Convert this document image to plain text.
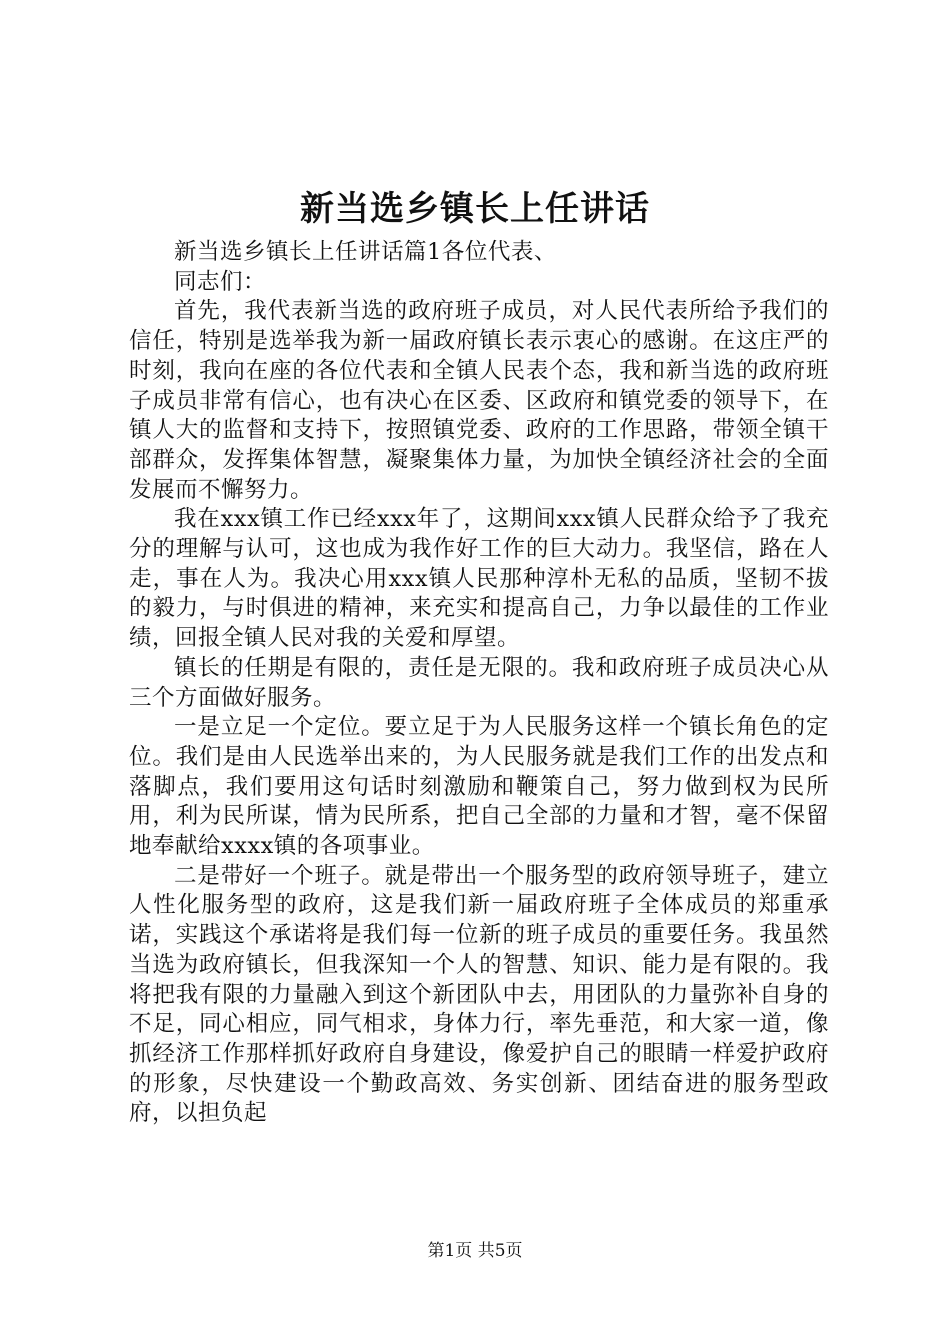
新当选乡镇长上任讲话

新当选乡镇长上任讲话篇1各位代表、

同志们：

首先，我代表新当选的政府班子成员，对人民代表所给予我们的信任，特别是选举我为新一届政府镇长表示衷心的感谢。在这庄严的时刻，我向在座的各位代表和全镇人民表个态，我和新当选的政府班子成员非常有信心，也有决心在区委、区政府和镇党委的领导下，在镇人大的监督和支持下，按照镇党委、政府的工作思路，带领全镇干部群众，发挥集体智慧，凝聚集体力量，为加快全镇经济社会的全面发展而不懈努力。

我在xxx镇工作已经xxx年了，这期间xxx镇人民群众给予了我充分的理解与认可，这也成为我作好工作的巨大动力。我坚信，路在人走，事在人为。我决心用xxx镇人民那种淳朴无私的品质，坚韧不拔的毅力，与时俱进的精神，来充实和提高自己，力争以最佳的工作业绩，回报全镇人民对我的关爱和厚望。

镇长的任期是有限的，责任是无限的。我和政府班子成员决心从三个方面做好服务。

一是立足一个定位。要立足于为人民服务这样一个镇长角色的定位。我们是由人民选举出来的，为人民服务就是我们工作的出发点和落脚点，我们要用这句话时刻激励和鞭策自己，努力做到权为民所用，利为民所谋，情为民所系，把自己全部的力量和才智，毫不保留地奉献给xxxx镇的各项事业。

二是带好一个班子。就是带出一个服务型的政府领导班子，建立人性化服务型的政府，这是我们新一届政府班子全体成员的郑重承诺，实践这个承诺将是我们每一位新的班子成员的重要任务。我虽然当选为政府镇长，但我深知一个人的智慧、知识、能力是有限的。我将把我有限的力量融入到这个新团队中去，用团队的力量弥补自身的不足，同心相应，同气相求，身体力行，率先垂范，和大家一道，像抓经济工作那样抓好政府自身建设，像爱护自己的眼睛一样爱护政府的形象，尽快建设一个勤政高效、务实创新、团结奋进的服务型政府，以担负起

第1页 共5页
